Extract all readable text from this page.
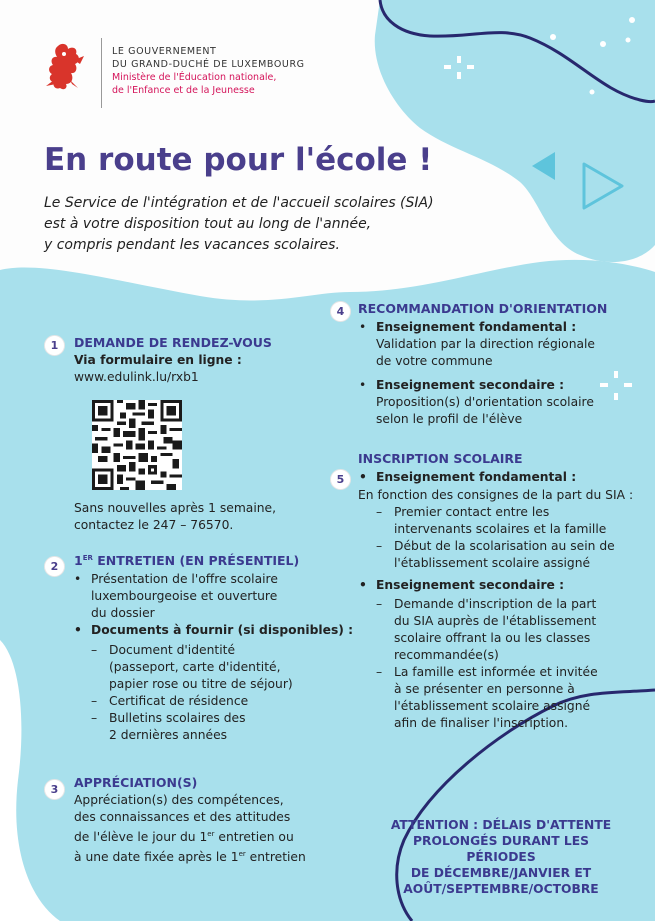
LE GOUVERNEMENT
DU GRAND-DUCHÉ DE LUXEMBOURG
Ministère de l'Éducation nationale,
de l'Enfance et de la Jeunesse
En route pour l'école !
Le Service de l'intégration et de l'accueil scolaires (SIA)
est à votre disposition tout au long de l'année,
y compris pendant les vacances scolaires.
1	DEMANDE DE RENDEZ-VOUS
Via formulaire en ligne :
www.edulink.lu/rxb1
Sans nouvelles après 1 semaine,
contactez le 247 – 76570.
2	1ER ENTRETIEN (EN PRÉSENTIEL)
• Présentation de l'offre scolaire
luxembourgeoise et ouverture
du dossier
• Documents à fournir (si disponibles) :
– Document d'identité
(passeport, carte d'identité,
papier rose ou titre de séjour)
– Certificat de résidence
– Bulletins scolaires des
2 dernières années
3	APPRÉCIATION(S)
Appréciation(s) des compétences,
des connaissances et des attitudes
de l'élève le jour du 1er entretien ou
à une date fixée après le 1er entretien
4	RECOMMANDATION D'ORIENTATION
• Enseignement fondamental :
Validation par la direction régionale
de votre commune
• Enseignement secondaire :
Proposition(s) d'orientation scolaire
selon le profil de l'élève
INSCRIPTION SCOLAIRE
5
•	Enseignement fondamental :
En fonction des consignes de la part du SIA :
– Premier contact entre les
intervenants scolaires et la famille
– Début de la scolarisation au sein de
l'établissement scolaire assigné
• Enseignement secondaire :
– Demande d'inscription de la part
du SIA auprès de l'établissement
scolaire offrant la ou les classes
recommandée(s)
– La famille est informée et invitée
à se présenter en personne à
l'établissement scolaire assigné
afin de finaliser l'inscription.
ATTENTION : DÉLAIS D'ATTENTE
PROLONGÉS DURANT LES PÉRIODES
DE DÉCEMBRE/JANVIER ET
AOÛT/SEPTEMBRE/OCTOBRE
